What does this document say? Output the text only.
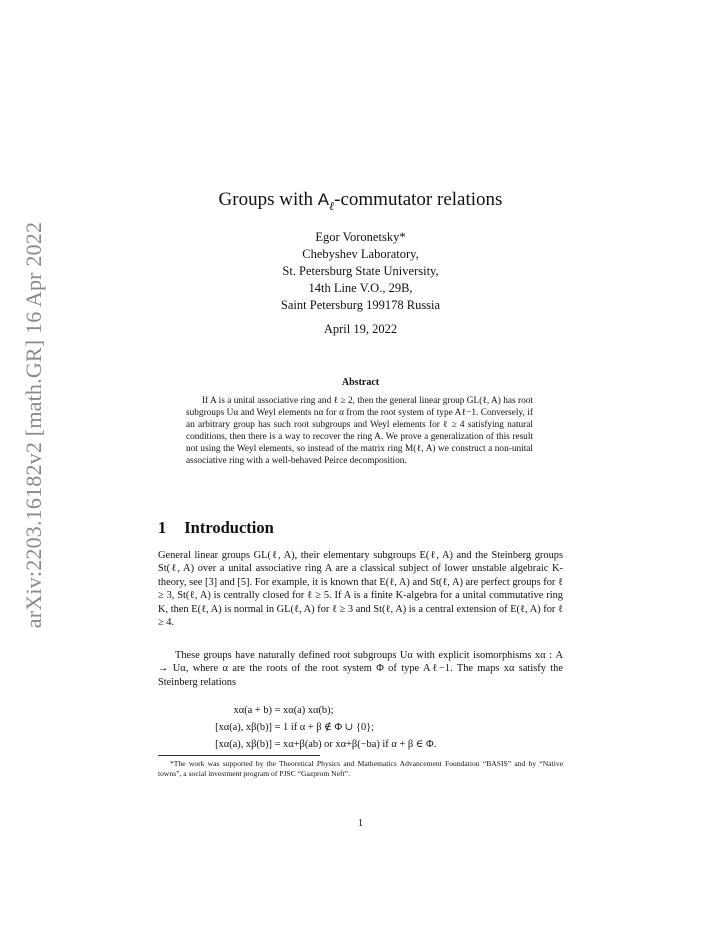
arXiv:2203.16182v2 [math.GR] 16 Apr 2022
Groups with $A_\ell$-commutator relations
Egor Voronetsky*
Chebyshev Laboratory,
St. Petersburg State University,
14th Line V.O., 29B,
Saint Petersburg 199178 Russia
April 19, 2022
Abstract
If A is a unital associative ring and ℓ ≥ 2, then the general linear group GL(ℓ, A) has root subgroups Uα and Weyl elements nα for α from the root system of type Aℓ−1. Conversely, if an arbitrary group has such root subgroups and Weyl elements for ℓ ≥ 4 satisfying natural conditions, then there is a way to recover the ring A. We prove a generalization of this result not using the Weyl elements, so instead of the matrix ring M(ℓ, A) we construct a non-unital associative ring with a well-behaved Peirce decomposition.
1 Introduction
General linear groups GL(ℓ, A), their elementary subgroups E(ℓ, A) and the Steinberg groups St(ℓ, A) over a unital associative ring A are a classical subject of lower unstable algebraic K-theory, see [3] and [5]. For example, it is known that E(ℓ, A) and St(ℓ, A) are perfect groups for ℓ ≥ 3, St(ℓ, A) is centrally closed for ℓ ≥ 5. If A is a finite K-algebra for a unital commutative ring K, then E(ℓ, A) is normal in GL(ℓ, A) for ℓ ≥ 3 and St(ℓ, A) is a central extension of E(ℓ, A) for ℓ ≥ 4.
These groups have naturally defined root subgroups Uα with explicit isomorphisms xα : A → Uα, where α are the roots of the root system Φ of type Aℓ−1. The maps xα satisfy the Steinberg relations
xα(a + b) = xα(a) xα(b);
[xα(a), xβ(b)] = 1 if α + β ∉ Φ ∪ {0};
[xα(a), xβ(b)] = xα+β(ab) or xα+β(−ba) if α + β ∈ Φ.
*The work was supported by the Theoretical Physics and Mathematics Advancement Foundation “BASIS” and by “Native towns”, a social investment program of PJSC “Gazprom Neft”.
1
